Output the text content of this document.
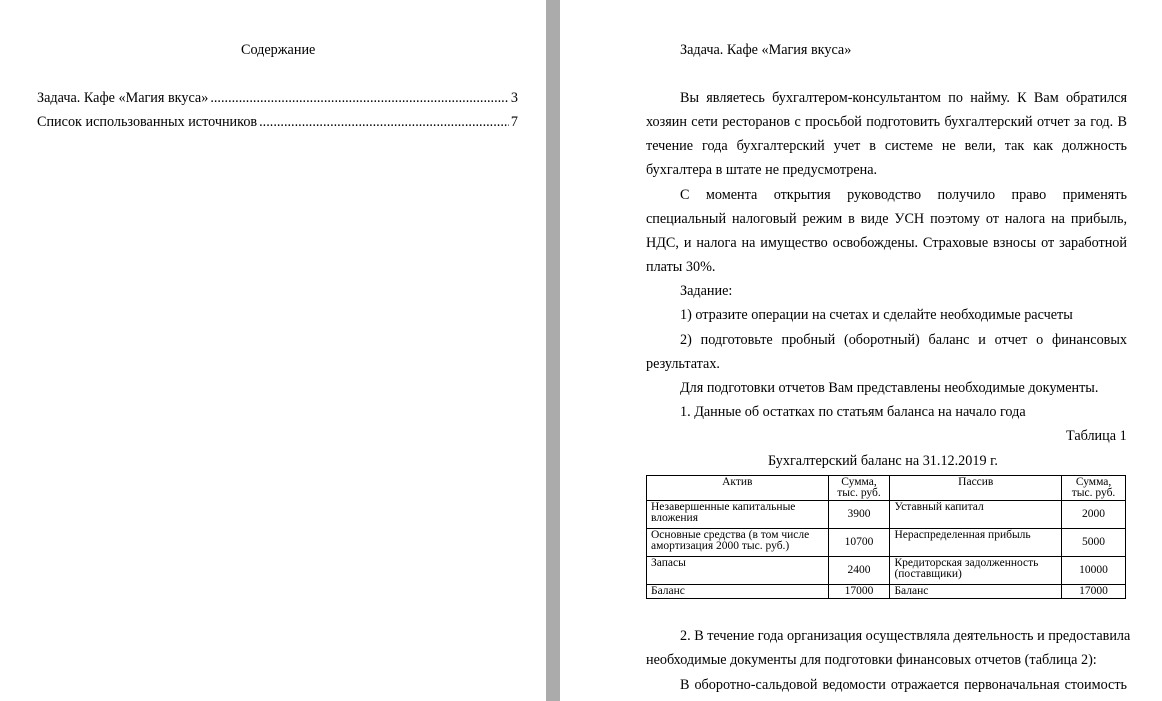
Содержание
Задача. Кафе «Магия вкуса» .....	3
Список использованных источников .....	7
Задача. Кафе «Магия вкуса»
Вы являетесь бухгалтером-консультантом по найму. К Вам обратился
хозяин сети ресторанов с просьбой подготовить бухгалтерский отчет за год. В
течение года бухгалтерский учет в системе не вели, так как должность
бухгалтера в штате не предусмотрена.
С момента открытия руководство получило право применять
специальный налоговый режим в виде УСН поэтому от налога на прибыль,
НДС, и налога на имущество освобождены. Страховые взносы от заработной
платы 30%.
Задание:
1) отразите операции на счетах и сделайте необходимые расчеты
2) подготовьте пробный (оборотный) баланс и отчет о финансовых
результатах.
Для подготовки отчетов Вам представлены необходимые документы.
1. Данные об остатках по статьям баланса на начало года
Таблица 1
Бухгалтерский баланс на 31.12.2019 г.
Актив	Сумма, тыс. руб.	Пассив	Сумма, тыс. руб.
Незавершенные капитальные вложения	3900	Уставный капитал	2000
Основные средства (в том числе амортизация 2000 тыс. руб.)	10700	Нераспределенная прибыль	5000
Запасы	2400	Кредиторская задолженность (поставщики)	10000
Баланс	17000	Баланс	17000
2. В течение года организация осуществляла деятельность и предоставила
необходимые документы для подготовки финансовых отчетов (таблица 2):
В оборотно-сальдовой ведомости отражается первоначальная стоимость
